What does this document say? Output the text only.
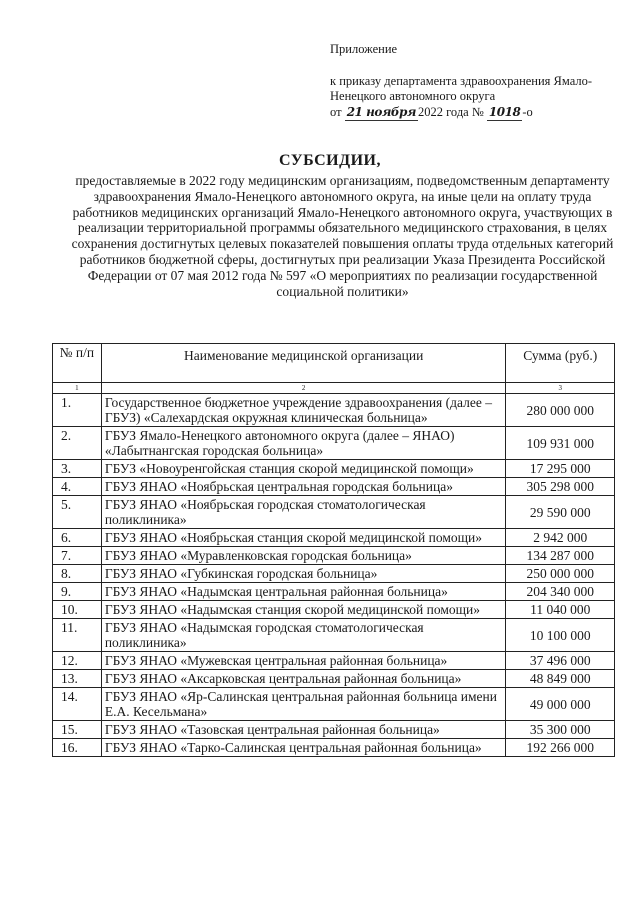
Приложение
к приказу департамента здравоохранения Ямало-Ненецкого автономного округа
от 21 ноября 2022 года № 1018 -о
СУБСИДИИ,
предоставляемые в 2022 году медицинским организациям, подведомственным департаменту здравоохранения Ямало-Ненецкого автономного округа, на иные цели на оплату труда работников медицинских организаций Ямало-Ненецкого автономного округа, участвующих в реализации территориальной программы обязательного медицинского страхования, в целях сохранения достигнутых целевых показателей повышения оплаты труда отдельных категорий работников бюджетной сферы, достигнутых при реализации Указа Президента Российской Федерации от 07 мая 2012 года № 597 «О мероприятиях по реализации государственной социальной политики»
№ п/п	Наименование медицинской организации	Сумма (руб.)
1	2	3
1.	Государственное бюджетное учреждение здравоохранения (далее – ГБУЗ) «Салехардская окружная клиническая больница»	280 000 000
2.	ГБУЗ Ямало-Ненецкого автономного округа (далее – ЯНАО) «Лабытнангская городская больница»	109 931 000
3.	ГБУЗ «Новоуренгойская станция скорой медицинской помощи»	17 295 000
4.	ГБУЗ ЯНАО «Ноябрьская центральная городская больница»	305 298 000
5.	ГБУЗ ЯНАО «Ноябрьская городская стоматологическая поликлиника»	29 590 000
6.	ГБУЗ ЯНАО «Ноябрьская станция скорой медицинской помощи»	2 942 000
7.	ГБУЗ ЯНАО «Муравленковская городская больница»	134 287 000
8.	ГБУЗ ЯНАО «Губкинская городская больница»	250 000 000
9.	ГБУЗ ЯНАО «Надымская центральная районная больница»	204 340 000
10.	ГБУЗ ЯНАО «Надымская станция скорой медицинской помощи»	11 040 000
11.	ГБУЗ ЯНАО «Надымская городская стоматологическая поликлиника»	10 100 000
12.	ГБУЗ ЯНАО «Мужевская центральная районная больница»	37 496 000
13.	ГБУЗ ЯНАО «Аксарковская центральная районная больница»	48 849 000
14.	ГБУЗ ЯНАО «Яр-Салинская центральная районная больница имени Е.А. Кесельмана»	49 000 000
15.	ГБУЗ ЯНАО «Тазовская центральная районная больница»	35 300 000
16.	ГБУЗ ЯНАО «Тарко-Салинская центральная районная больница»	192 266 000
